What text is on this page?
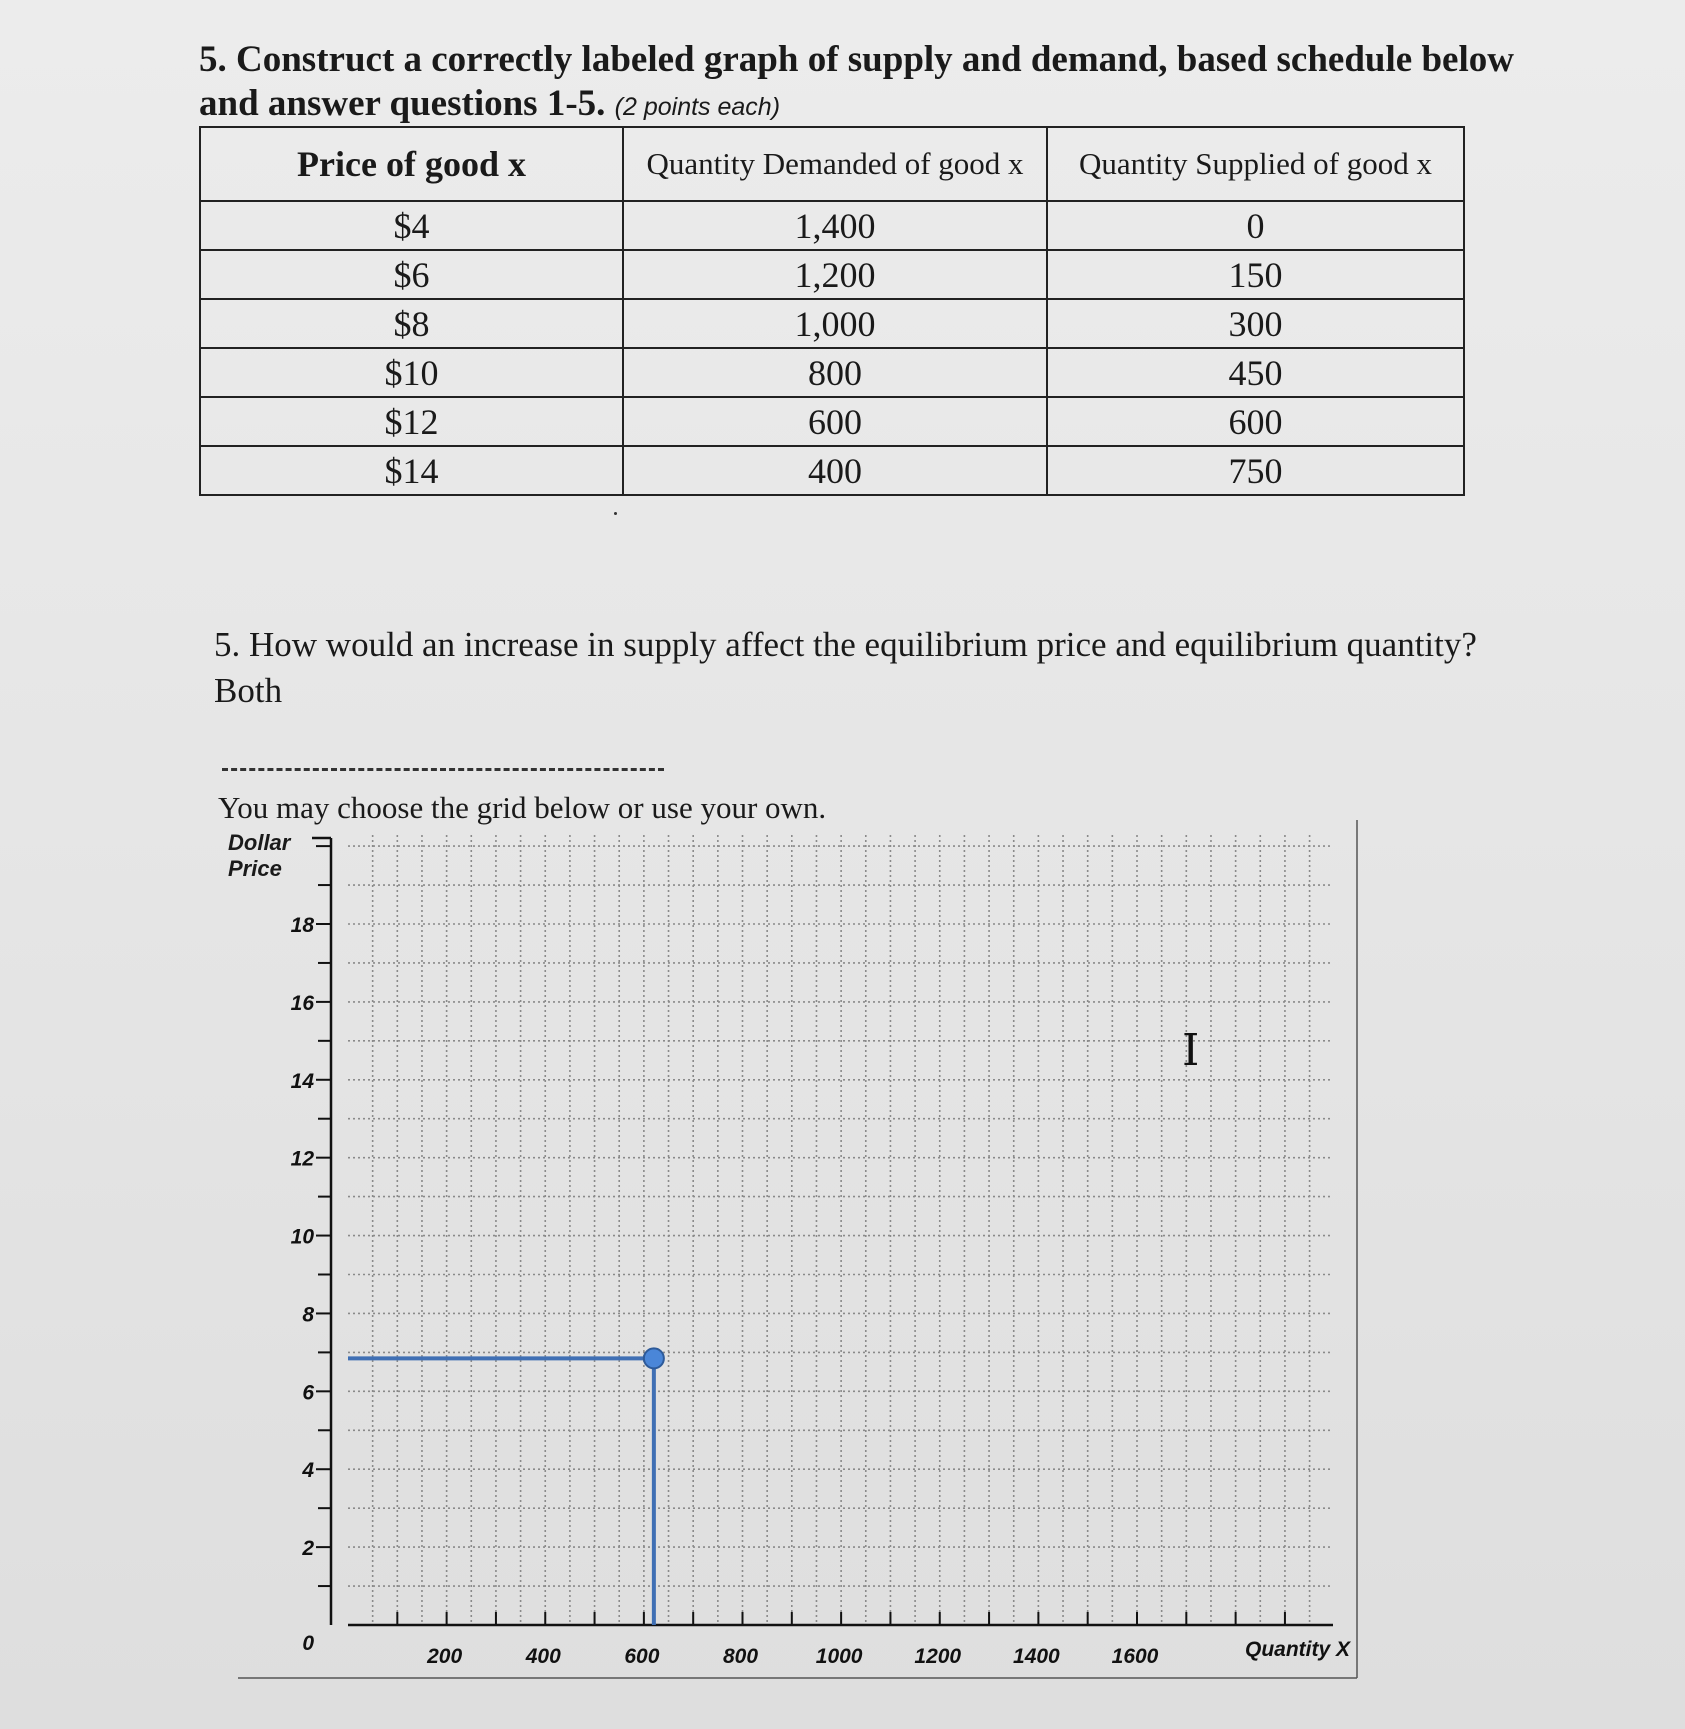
5. Construct a correctly labeled graph of supply and demand, based schedule below and answer questions 1-5. (2 points each)
Price of good x	Quantity Demanded of good x	Quantity Supplied of good x
$4	1,400	0
$6	1,200	150
$8	1,000	300
$10	800	450
$12	600	600
$14	400	750
5. How would an increase in supply affect the equilibrium price and equilibrium quantity?
Both
You may choose the grid below or use your own.
Dollar Price
0
2
4
6
8
10
12
14
16
18
200	400	600	800	1000 1200 1400 1600	Quantity X
I
